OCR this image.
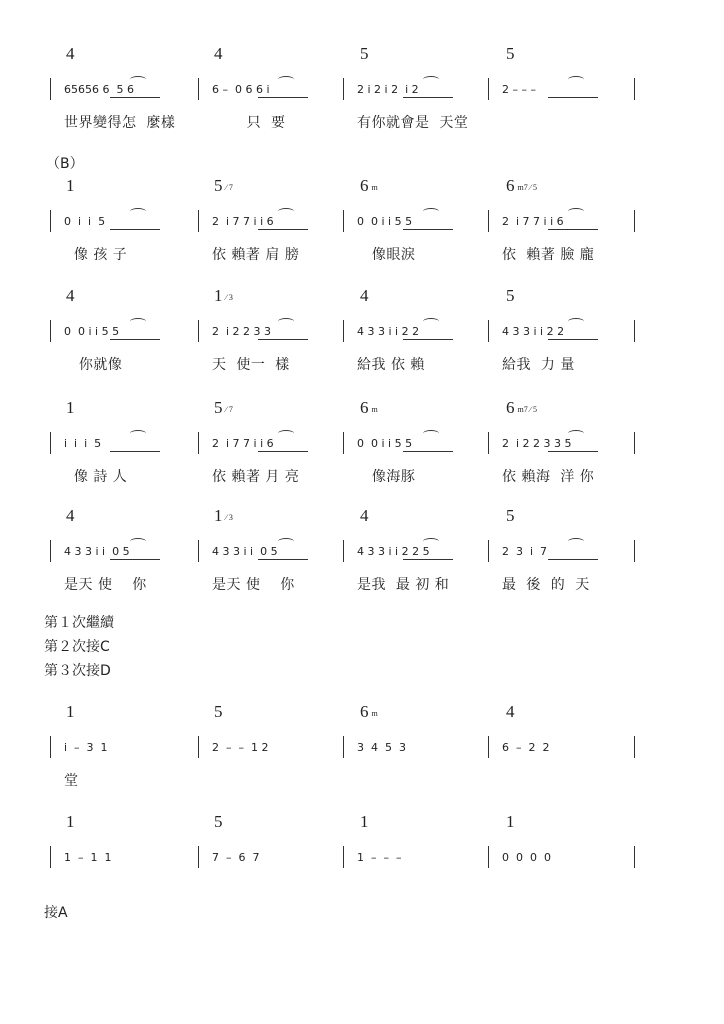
4	4	5	5
65656 6  5 6	6 –  0 6 6 i	2 i 2 i 2  i 2	2 – – –
世界變得怎  麼樣	只  要	有你就會是  天堂
1	5 ⁄ 7	6 m	6 m7 ⁄ 5
0  i  i  5	2  i 7 7 i i 6	0  0 i i 5 5	2  i 7 7 i i 6
像 孩 子	依 賴著 肩 膀	像眼淚	依  賴著 臉 龐
4	1 ⁄ 3	4	5
0  0 i i 5 5	2  i 2 2 3 3	4 3 3 i i 2 2	4 3 3 i i 2 2
你就像	天  使一  樣	給我 依 賴	給我  力 量
1	5 ⁄ 7	6 m	6 m7 ⁄ 5
i  i  i  5	2  i 7 7 i i 6	0  0 i i 5 5	2  i 2 2 3 3 5
像 詩 人	依 賴著 月 亮	像海豚	依 賴海  洋 你
4	1 ⁄ 3	4	5
4 3 3 i i  0 5	4 3 3 i i  0 5	4 3 3 i i 2 2 5	2  3  i  7
是天 使    你	是天 使    你	是我  最 初 和	最  後  的  天
1	5	6 m	4
i  –  3  1	2  –  –  1 2	3  4  5  3	6  –  2  2
堂
1	5	1	1
1  –  1  1	7  –  6  7	1  –  –  –	0  0  0  0
（B）
第１次繼續
第２次接C
第３次接D
接A
